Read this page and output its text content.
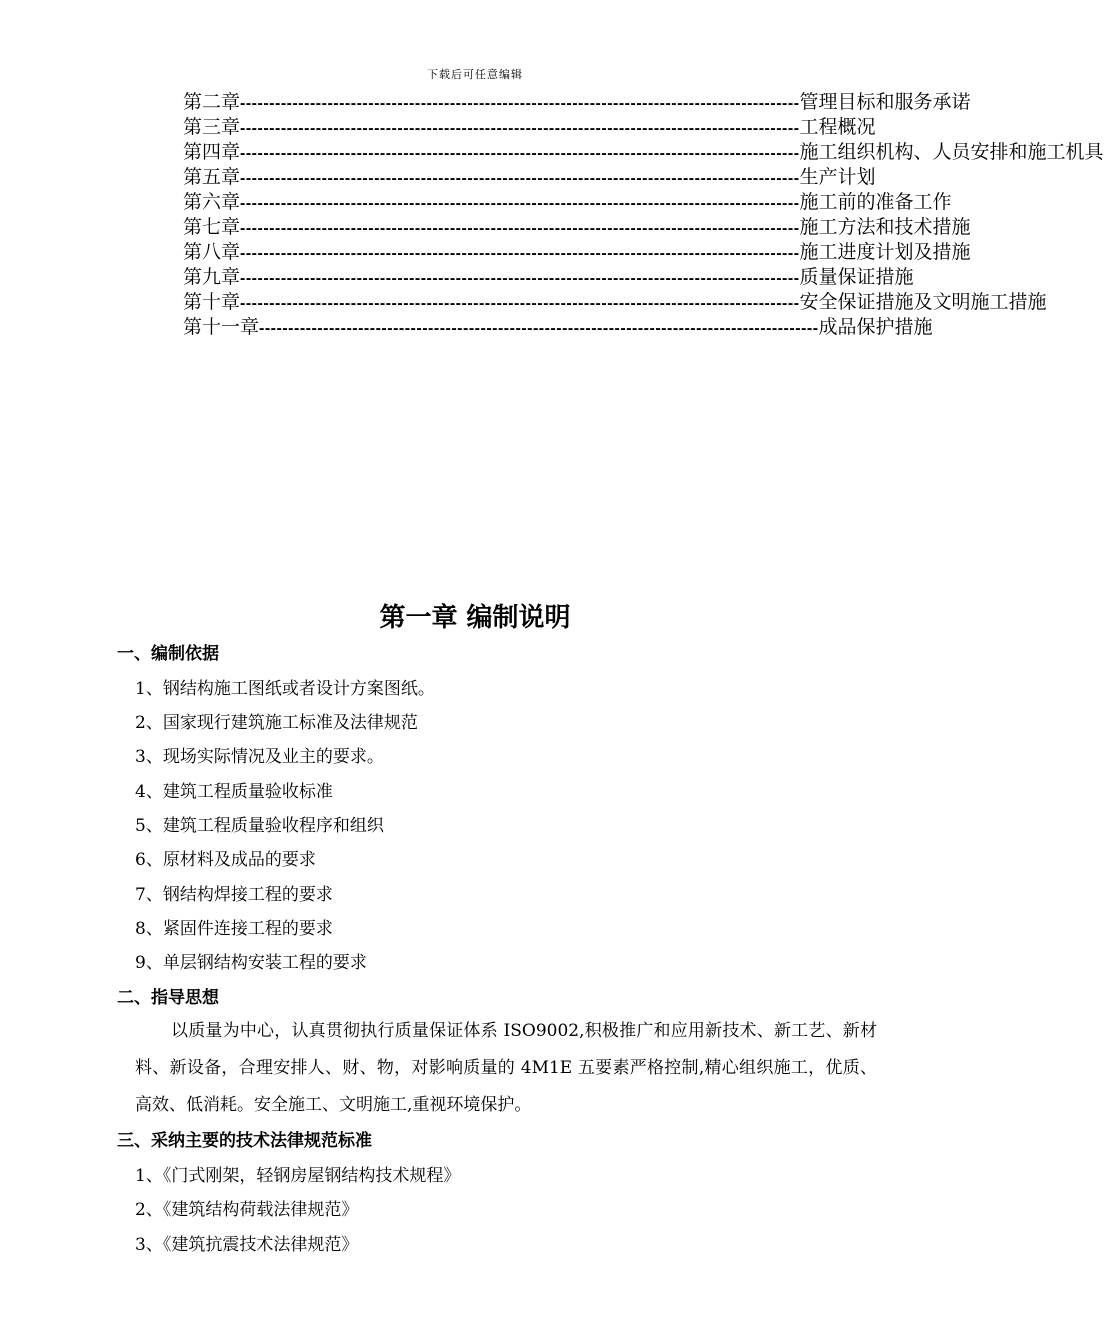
下载后可任意编辑
第二章 ------------------------------------------------------------------------------------------------ 管理目标和服务承诺
第三章 ------------------------------------------------------------------------------------------------ 工程概况
第四章 ------------------------------------------------------------------------------------------------ 施工组织机构、人员安排和施工机具
第五章 ------------------------------------------------------------------------------------------------ 生产计划
第六章 ------------------------------------------------------------------------------------------------ 施工前的准备工作
第七章 ------------------------------------------------------------------------------------------------ 施工方法和技术措施
第八章 ------------------------------------------------------------------------------------------------ 施工进度计划及措施
第九章 ------------------------------------------------------------------------------------------------ 质量保证措施
第十章 ------------------------------------------------------------------------------------------------ 安全保证措施及文明施工措施
第十一章 ------------------------------------------------------------------------------------------------ 成品保护措施
第一章 编制说明
一、编制依据
1、钢结构施工图纸或者设计方案图纸。
2、国家现行建筑施工标准及法律规范
3、现场实际情况及业主的要求。
4、建筑工程质量验收标准
5、建筑工程质量验收程序和组织
6、原材料及成品的要求
7、钢结构焊接工程的要求
8、紧固件连接工程的要求
9、单层钢结构安装工程的要求
二、指导思想
以质量为中心，认真贯彻执行质量保证体系 ISO9002,积极推广和应用新技术、新工艺、新材料、新设备，合理安排人、财、物，对影响质量的 4M1E 五要素严格控制,精心组织施工，优质、高效、低消耗。安全施工、文明施工,重视环境保护。
三、采纳主要的技术法律规范标准
1、《门式刚架，轻钢房屋钢结构技术规程》
2、《建筑结构荷载法律规范》
3、《建筑抗震技术法律规范》
